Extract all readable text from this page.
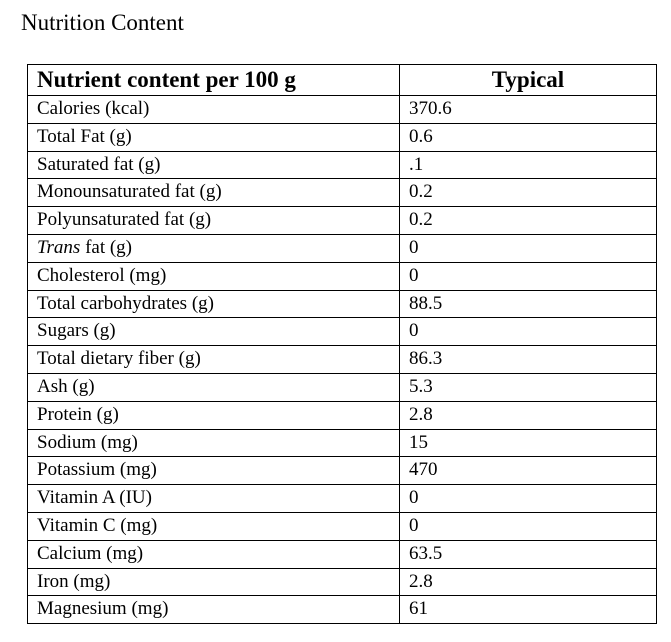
Nutrition Content
Nutrient content per 100 g	Typical
Calories (kcal)	370.6
Total Fat (g)	0.6
Saturated fat (g)	.1
Monounsaturated fat (g)	0.2
Polyunsaturated fat (g)	0.2
Trans fat (g)	0
Cholesterol (mg)	0
Total carbohydrates (g)	88.5
Sugars (g)	0
Total dietary fiber (g)	86.3
Ash (g)	5.3
Protein (g)	2.8
Sodium (mg)	15
Potassium (mg)	470
Vitamin A (IU)	0
Vitamin C (mg)	0
Calcium (mg)	63.5
Iron (mg)	2.8
Magnesium (mg)	61
